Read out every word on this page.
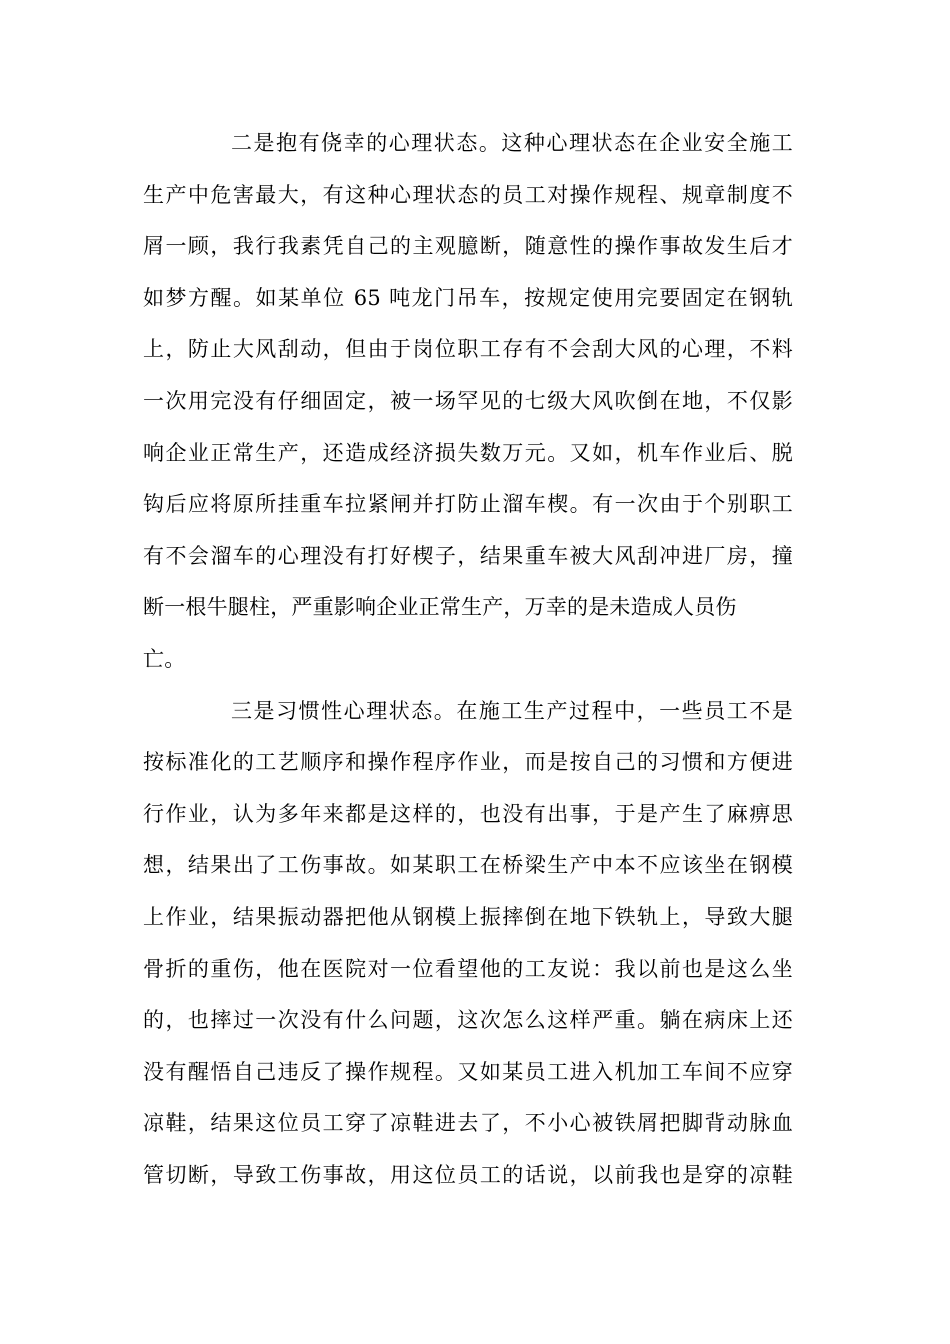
二是抱有侥幸的心理状态。这种心理状态在企业安全施工
生产中危害最大，有这种心理状态的员工对操作规程、规章制度不
屑一顾，我行我素凭自己的主观臆断，随意性的操作事故发生后才
如梦方醒。如某单位 65 吨龙门吊车，按规定使用完要固定在钢轨
上，防止大风刮动，但由于岗位职工存有不会刮大风的心理，不料
一次用完没有仔细固定，被一场罕见的七级大风吹倒在地，不仅影
响企业正常生产，还造成经济损失数万元。又如，机车作业后、脱
钩后应将原所挂重车拉紧闸并打防止溜车楔。有一次由于个别职工
有不会溜车的心理没有打好楔子，结果重车被大风刮冲进厂房，撞
断一根牛腿柱，严重影响企业正常生产，万幸的是未造成人员伤
亡。
三是习惯性心理状态。在施工生产过程中，一些员工不是
按标准化的工艺顺序和操作程序作业，而是按自己的习惯和方便进
行作业，认为多年来都是这样的，也没有出事，于是产生了麻痹思
想，结果出了工伤事故。如某职工在桥梁生产中本不应该坐在钢模
上作业，结果振动器把他从钢模上振摔倒在地下铁轨上，导致大腿
骨折的重伤，他在医院对一位看望他的工友说：我以前也是这么坐
的，也摔过一次没有什么问题，这次怎么这样严重。躺在病床上还
没有醒悟自己违反了操作规程。又如某员工进入机加工车间不应穿
凉鞋，结果这位员工穿了凉鞋进去了，不小心被铁屑把脚背动脉血
管切断，导致工伤事故，用这位员工的话说，以前我也是穿的凉鞋
